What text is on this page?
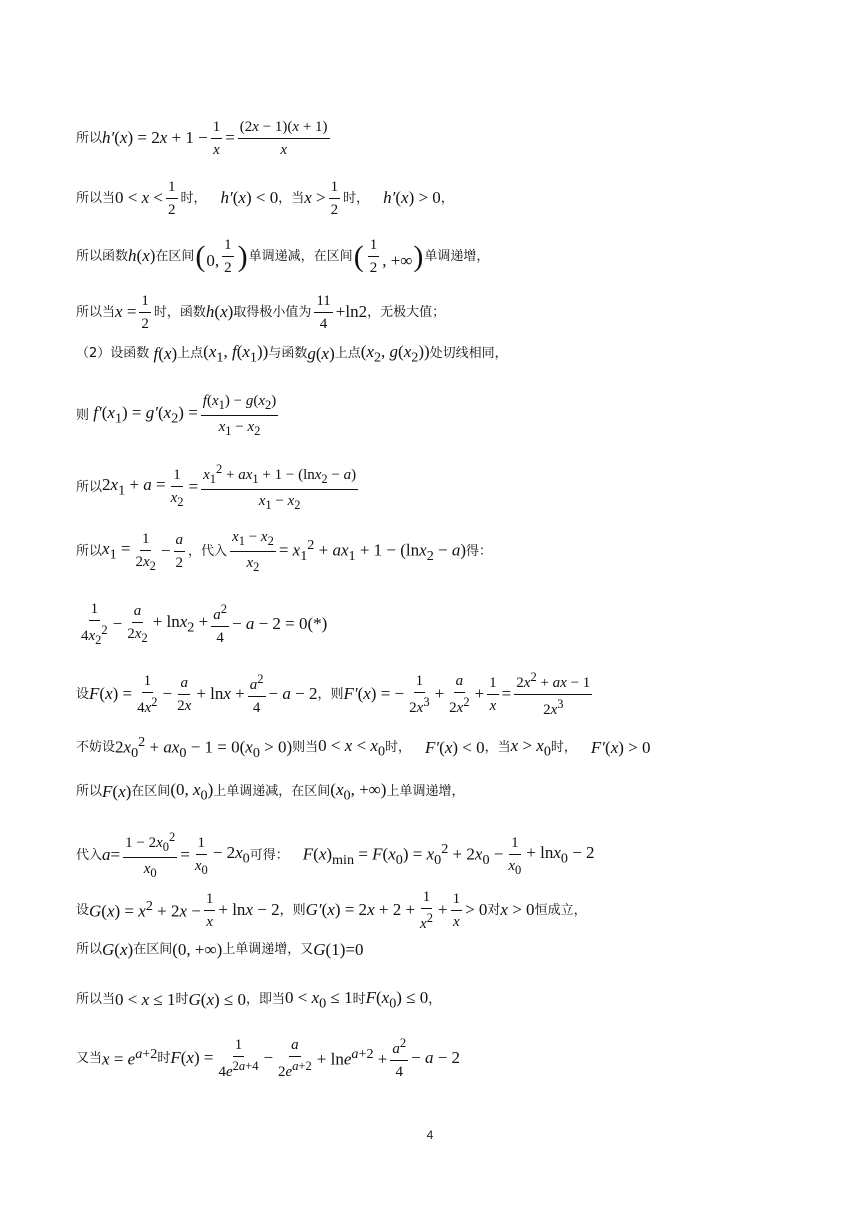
所以 $h'(x) = 2x + 1 - \frac{1}{x} = \frac{(2x - 1)(x + 1)}{x}$
所以当 $0 < x < \frac{1}{2}$ 时， h′(x) < 0 ，当 $x > \frac{1}{2}$ 时， h′(x) > 0 ，
所以函数 h(x) 在区间 (0, $\frac{1}{2}$ ) 单调递减，在区间 ( $\frac{1}{2}$ , +∞) 单调递增，
所以当 $x = \frac{1}{2}$ 时，函数 h(x) 取得极小值为 $\frac{11}{4} +\ln 2$ ，无极大值；
（2）设函数 f(x) 上点 ($x_1$, $f(x_1)$) 与函数 g(x) 上点 ($x_2$, $g(x_2)$) 处切线相同，
则 $f'(x_1) = g'(x_2) = \frac{f(x_1) - g(x_2)}{x_1 - x_2}$
所以 $2x_1 + a = \frac{1}{x_2} = \frac{x_1^2 + ax_1 + 1 - (\ln x_2 - a)}{x_1 - x_2}$
所以 $x_1 = \frac{1}{2x_2} - \frac{a}{2}$ ，代入 $\frac{x_1 - x_2}{x_2} = x_1^2 + ax_1 + 1 - (\ln x_2 - a)$ 得：
$\frac{1}{4x_2^2} - \frac{a}{2x_2} + \ln x_2 + \frac{a^2}{4} - a - 2 = 0(*)$
设 $F(x) = \frac{1}{4x^2} - \frac{a}{2x} + \ln x + \frac{a^2}{4} - a - 2$ ，则 F′(x) = − $\frac{1}{2x^3} + \frac{a}{2x^2} + \frac{1}{x} = \frac{2x^2 + ax - 1}{2x^3}$
不妨设 $2x_0^2 + ax_0 - 1 = 0(x_0 > 0)$ 则当 $0 < x < x_0$ 时， F′(x) < 0 ，当 $x > x_0$ 时， F′(x) > 0
所以 F(x) 在区间 (0, $x_0$) 上单调递减，在区间 ($x_0$, +∞) 上单调递增，
代入 $a= \frac{1 - 2x_0^2}{x_0} = \frac{1}{x_0} - 2x_0$ 可得： $F(x)_{min} = F(x_0) = x_0^2 + 2x_0 - \frac{1}{x_0} + \ln x_0 - 2$
设 $G(x) = x^2 + 2x - \frac{1}{x} + \ln x - 2$ ，则 $G'(x) = 2x + 2 + \frac{1}{x^2} + \frac{1}{x} > 0$ 对 x > 0 恒成立，
所以 G(x) 在区间 (0, +∞) 上单调递增，又 G(1)=0
所以当 0 < x ≤ 1 时 G(x) ≤ 0 ，即当 $0 < x_0 \le 1$ 时 $F(x_0) \le 0$ ，
又当 $x = e^{a+2}$ 时 $F(x) = \frac{1}{4e^{2a+4}} - \frac{a}{2e^{a+2}} + \ln e^{a+2} + \frac{a^2}{4} - a - 2$
4
